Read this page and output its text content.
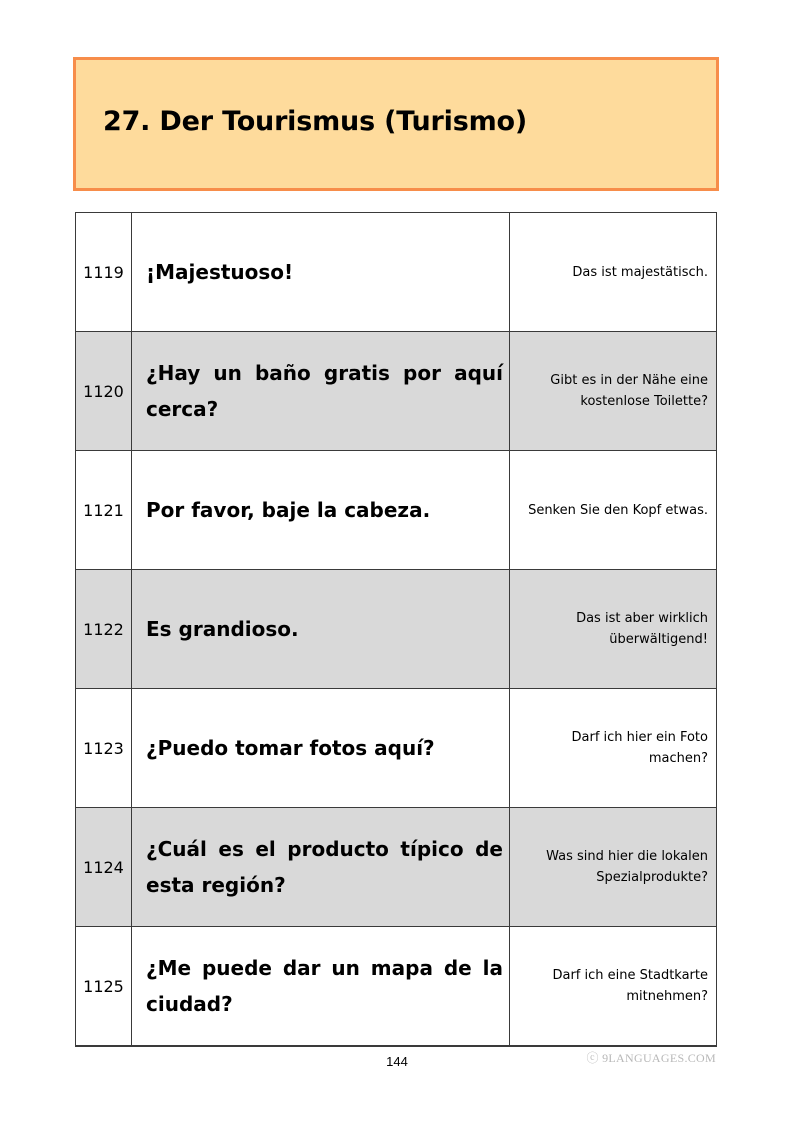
27. Der Tourismus (Turismo)
1119	¡Majestuoso!	Das ist majestätisch.
1120	¿Hay un baño gratis por aquí cerca?	Gibt es in der Nähe eine kostenlose Toilette?
1121	Por favor, baje la cabeza.	Senken Sie den Kopf etwas.
1122	Es grandioso.	Das ist aber wirklich überwältigend!
1123	¿Puedo tomar fotos aquí?	Darf ich hier ein Foto machen?
1124	¿Cuál es el producto típico de esta región?	Was sind hier die lokalen Spezialprodukte?
1125	¿Me puede dar un mapa de la ciudad?	Darf ich eine Stadtkarte mitnehmen?
144	ⓒ 9LANGUAGES.COM
